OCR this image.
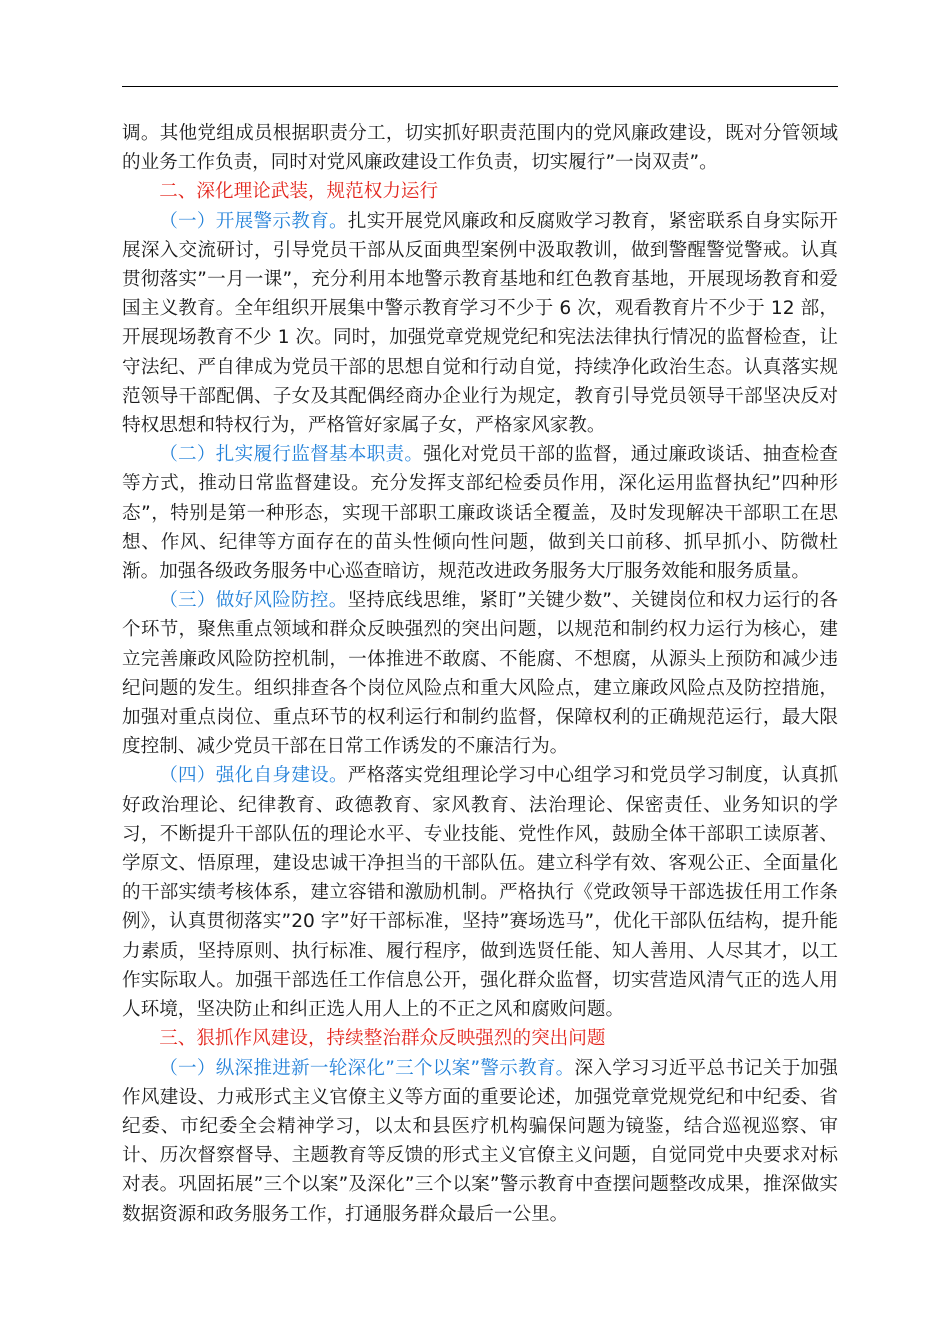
调。其他党组成员根据职责分工，切实抓好职责范围内的党风廉政建设，既对分管领域的业务工作负责，同时对党风廉政建设工作负责，切实履行”一岗双责”。

二、深化理论武装，规范权力运行

（一）开展警示教育。扎实开展党风廉政和反腐败学习教育，紧密联系自身实际开展深入交流研讨，引导党员干部从反面典型案例中汲取教训，做到警醒警觉警戒。认真贯彻落实”一月一课”，充分利用本地警示教育基地和红色教育基地，开展现场教育和爱国主义教育。全年组织开展集中警示教育学习不少于 6 次，观看教育片不少于 12 部，开展现场教育不少 1 次。同时，加强党章党规党纪和宪法法律执行情况的监督检查，让守法纪、严自律成为党员干部的思想自觉和行动自觉，持续净化政治生态。认真落实规范领导干部配偶、子女及其配偶经商办企业行为规定，教育引导党员领导干部坚决反对特权思想和特权行为，严格管好家属子女，严格家风家教。

（二）扎实履行监督基本职责。强化对党员干部的监督，通过廉政谈话、抽查检查等方式，推动日常监督建设。充分发挥支部纪检委员作用，深化运用监督执纪”四种形态”，特别是第一种形态，实现干部职工廉政谈话全覆盖，及时发现解决干部职工在思想、作风、纪律等方面存在的苗头性倾向性问题，做到关口前移、抓早抓小、防微杜渐。加强各级政务服务中心巡查暗访，规范改进政务服务大厅服务效能和服务质量。

（三）做好风险防控。坚持底线思维，紧盯”关键少数”、关键岗位和权力运行的各个环节，聚焦重点领域和群众反映强烈的突出问题，以规范和制约权力运行为核心，建立完善廉政风险防控机制，一体推进不敢腐、不能腐、不想腐，从源头上预防和减少违纪问题的发生。组织排查各个岗位风险点和重大风险点，建立廉政风险点及防控措施，加强对重点岗位、重点环节的权利运行和制约监督，保障权利的正确规范运行，最大限度控制、减少党员干部在日常工作诱发的不廉洁行为。

（四）强化自身建设。严格落实党组理论学习中心组学习和党员学习制度，认真抓好政治理论、纪律教育、政德教育、家风教育、法治理论、保密责任、业务知识的学习，不断提升干部队伍的理论水平、专业技能、党性作风，鼓励全体干部职工读原著、学原文、悟原理，建设忠诚干净担当的干部队伍。建立科学有效、客观公正、全面量化的干部实绩考核体系，建立容错和激励机制。严格执行《党政领导干部选拔任用工作条例》，认真贯彻落实”20 字”好干部标准，坚持”赛场选马”，优化干部队伍结构，提升能力素质，坚持原则、执行标准、履行程序，做到选贤任能、知人善用、人尽其才，以工作实际取人。加强干部选任工作信息公开，强化群众监督，切实营造风清气正的选人用人环境，坚决防止和纠正选人用人上的不正之风和腐败问题。

三、狠抓作风建设，持续整治群众反映强烈的突出问题

（一）纵深推进新一轮深化”三个以案”警示教育。深入学习习近平总书记关于加强作风建设、力戒形式主义官僚主义等方面的重要论述，加强党章党规党纪和中纪委、省纪委、市纪委全会精神学习，以太和县医疗机构骗保问题为镜鉴，结合巡视巡察、审计、历次督察督导、主题教育等反馈的形式主义官僚主义问题，自觉同党中央要求对标对表。巩固拓展”三个以案”及深化”三个以案”警示教育中查摆问题整改成果，推深做实数据资源和政务服务工作，打通服务群众最后一公里。
